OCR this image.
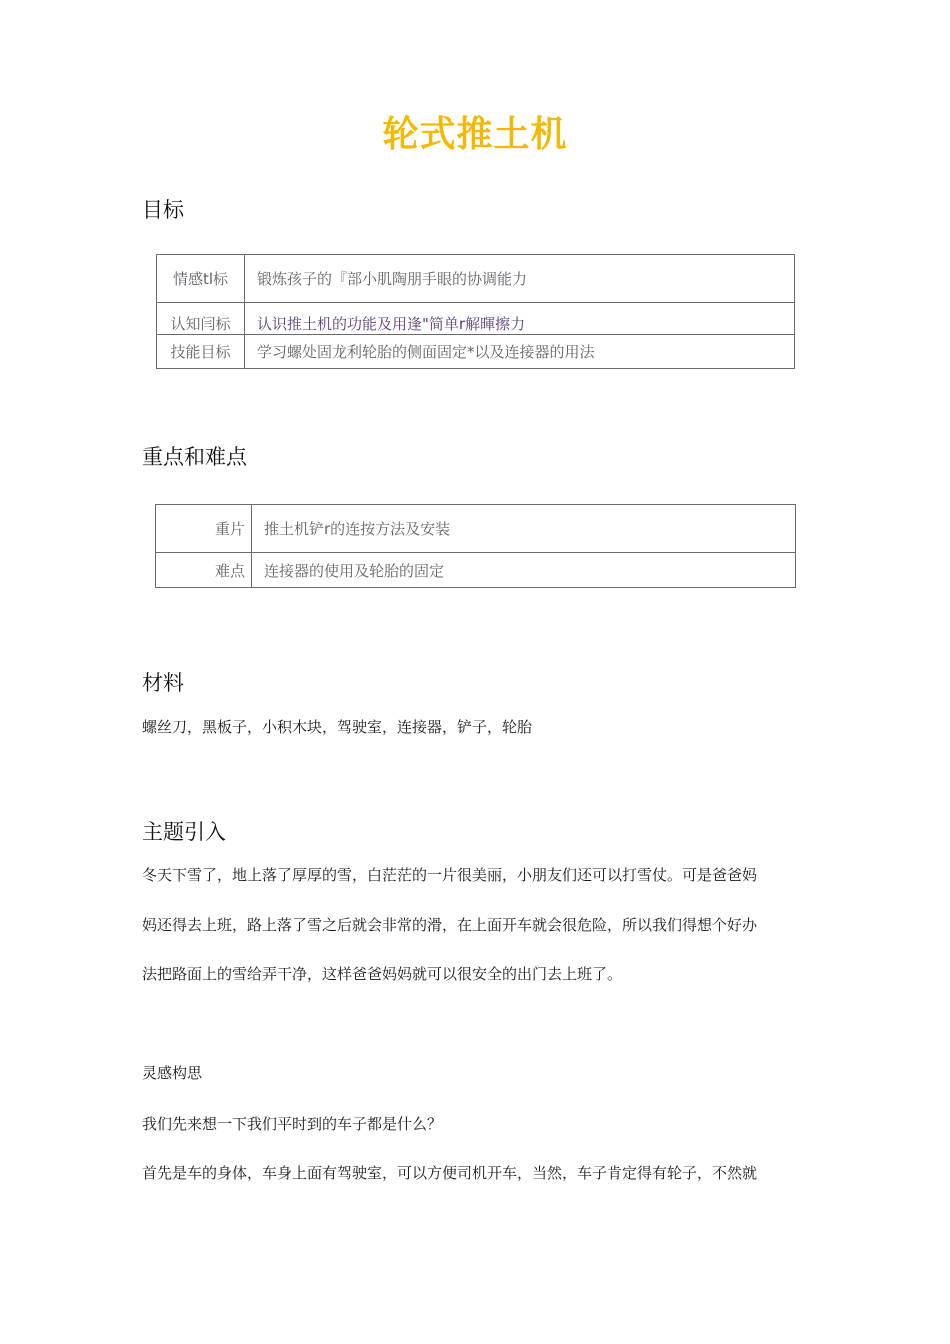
轮式推土机
目标
情感tl标	锻炼孩子的『部小肌陶朋手眼的协调能力
认知闫标	认识推土机的功能及用逢"简单r解暉擦力
技能目标	学习螺处固龙利轮胎的侧面固定*以及连接器的用法
重点和难点
重片	推土机铲r的连按方法及安装
难点	连接器的使用及轮胎的固定
材料
螺丝刀，黑板子，小积木块，驾驶室，连接器，铲子，轮胎
主题引入
冬天下雪了，地上落了厚厚的雪，白茫茫的一片很美丽，小朋友们还可以打雪仗。可是爸爸妈
妈还得去上班，路上落了雪之后就会非常的滑，在上面开车就会很危险，所以我们得想个好办
法把路面上的雪给弄干净，这样爸爸妈妈就可以很安全的出门去上班了。
灵感构思
我们先来想一下我们平时到的车子都是什么？
首先是车的身体，车身上面有驾驶室，可以方便司机开车，当然，车子肯定得有轮子，不然就
